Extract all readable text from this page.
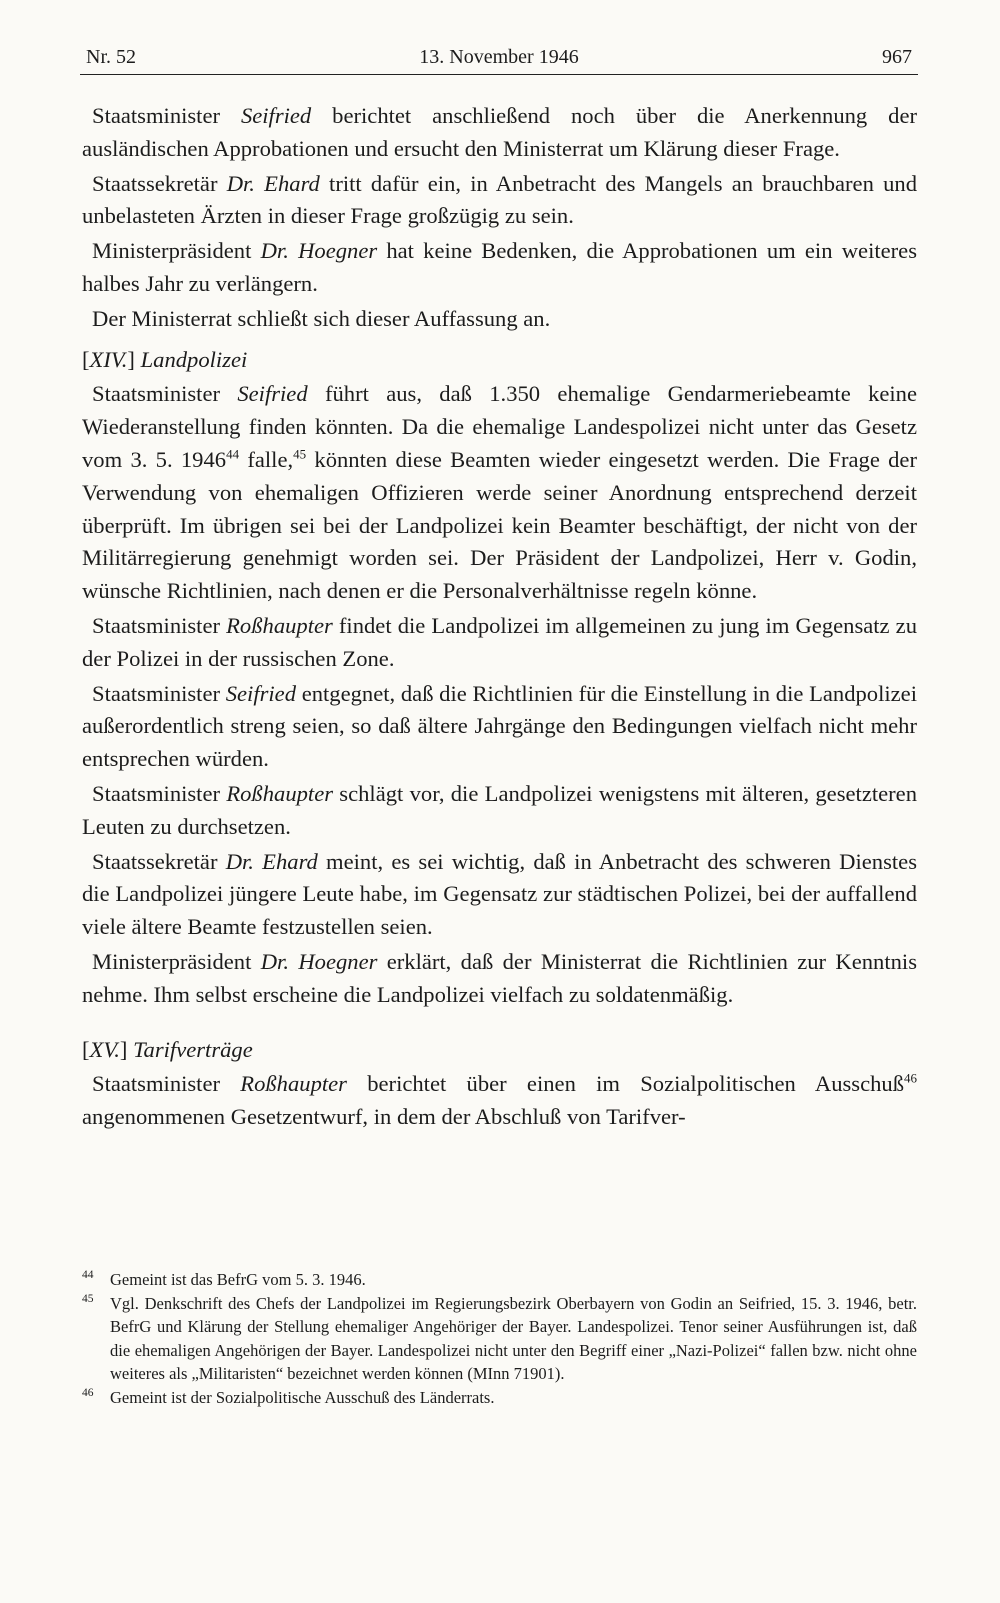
Nr. 52	13. November 1946	967

Staatsminister Seifried berichtet anschließend noch über die Anerkennung der ausländischen Approbationen und ersucht den Ministerrat um Klärung dieser Frage.

Staatssekretär Dr. Ehard tritt dafür ein, in Anbetracht des Mangels an brauchbaren und unbelasteten Ärzten in dieser Frage großzügig zu sein.

Ministerpräsident Dr. Hoegner hat keine Bedenken, die Approbationen um ein weiteres halbes Jahr zu verlängern.

Der Ministerrat schließt sich dieser Auffassung an.

[XIV.] Landpolizei

Staatsminister Seifried führt aus, daß 1.350 ehemalige Gendarmeriebeamte keine Wiederanstellung finden könnten. Da die ehemalige Landespolizei nicht unter das Gesetz vom 3. 5. 1946$^{44}$ falle,$^{45}$ könnten diese Beamten wieder eingesetzt werden. Die Frage der Verwendung von ehemaligen Offizieren werde seiner Anordnung entsprechend derzeit überprüft. Im übrigen sei bei der Landpolizei kein Beamter beschäftigt, der nicht von der Militärregierung genehmigt worden sei. Der Präsident der Landpolizei, Herr v. Godin, wünsche Richtlinien, nach denen er die Personalverhältnisse regeln könne.

Staatsminister Roßhaupter findet die Landpolizei im allgemeinen zu jung im Gegensatz zu der Polizei in der russischen Zone.

Staatsminister Seifried entgegnet, daß die Richtlinien für die Einstellung in die Landpolizei außerordentlich streng seien, so daß ältere Jahrgänge den Bedingungen vielfach nicht mehr entsprechen würden.

Staatsminister Roßhaupter schlägt vor, die Landpolizei wenigstens mit älteren, gesetzteren Leuten zu durchsetzen.

Staatssekretär Dr. Ehard meint, es sei wichtig, daß in Anbetracht des schweren Dienstes die Landpolizei jüngere Leute habe, im Gegensatz zur städtischen Polizei, bei der auffallend viele ältere Beamte festzustellen seien.

Ministerpräsident Dr. Hoegner erklärt, daß der Ministerrat die Richtlinien zur Kenntnis nehme. Ihm selbst erscheine die Landpolizei vielfach zu soldatenmäßig.

[XV.] Tarifverträge

Staatsminister Roßhaupter berichtet über einen im Sozialpolitischen Ausschuß$^{46}$ angenommenen Gesetzentwurf, in dem der Abschluß von Tarifver-

44	Gemeint ist das BefrG vom 5. 3. 1946.
45	Vgl. Denkschrift des Chefs der Landpolizei im Regierungsbezirk Oberbayern von Godin an Seifried, 15. 3. 1946, betr. BefrG und Klärung der Stellung ehemaliger Angehöriger der Bayer. Landespolizei. Tenor seiner Ausführungen ist, daß die ehemaligen Angehörigen der Bayer. Landespolizei nicht unter den Begriff einer „Nazi-Polizei“ fallen bzw. nicht ohne weiteres als „Militaristen“ bezeichnet werden können (MInn 71901).
46	Gemeint ist der Sozialpolitische Ausschuß des Länderrats.
